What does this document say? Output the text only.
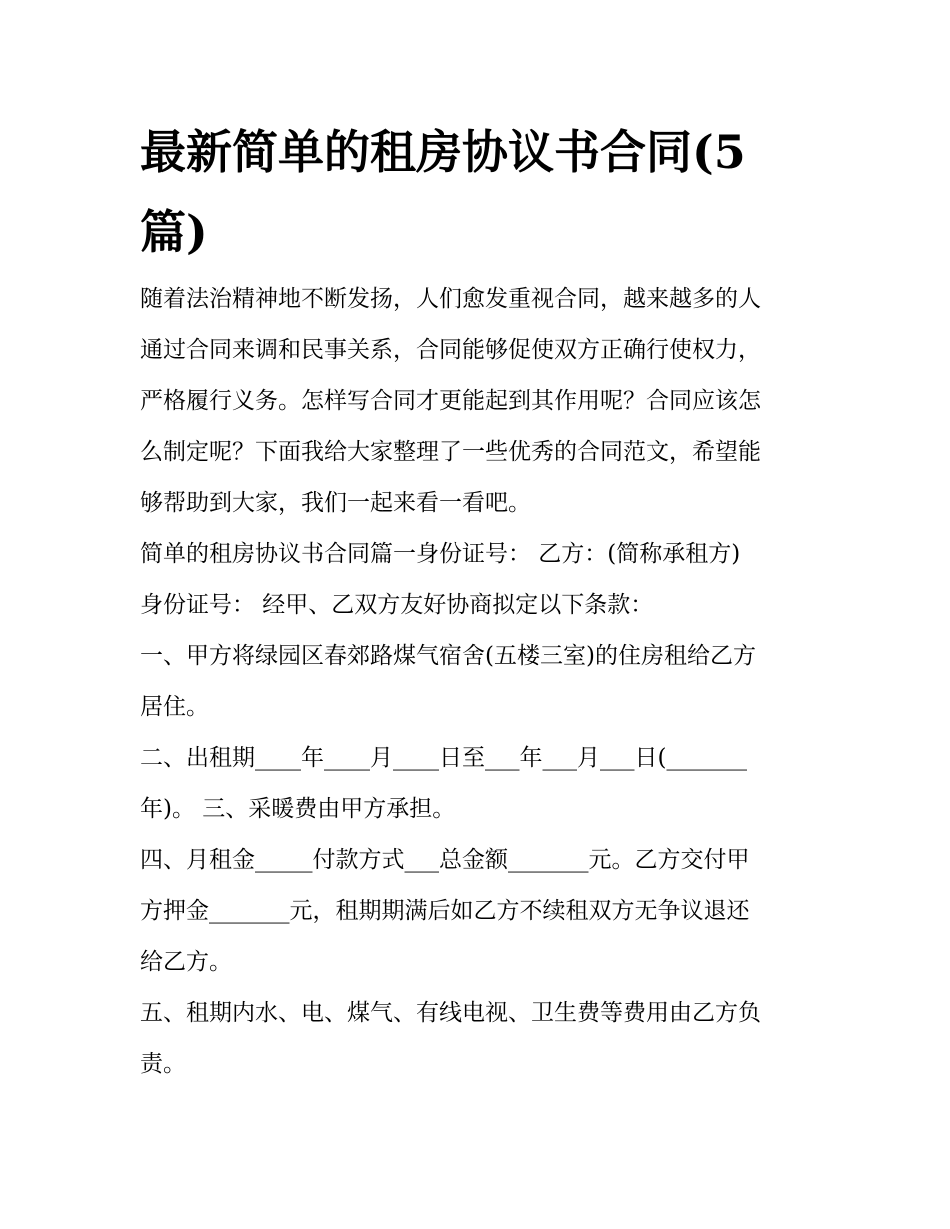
最新简单的租房协议书合同(5
篇)

随着法治精神地不断发扬，人们愈发重视合同，越来越多的人

通过合同来调和民事关系，合同能够促使双方正确行使权力，

严格履行义务。怎样写合同才更能起到其作用呢？合同应该怎

么制定呢？下面我给大家整理了一些优秀的合同范文，希望能

够帮助到大家，我们一起来看一看吧。

简单的租房协议书合同篇一身份证号： 乙方：(简称承租方)

身份证号： 经甲、乙双方友好协商拟定以下条款：

一、甲方将绿园区春郊路煤气宿舍(五楼三室)的住房租给乙方

居住。

二、出租期____年____月____日至___年___月___日(_______

年)。 三、采暖费由甲方承担。

四、月租金_____付款方式___总金额_______元。乙方交付甲

方押金_______元，租期期满后如乙方不续租双方无争议退还

给乙方。

五、租期内水、电、煤气、有线电视、卫生费等费用由乙方负

责。
